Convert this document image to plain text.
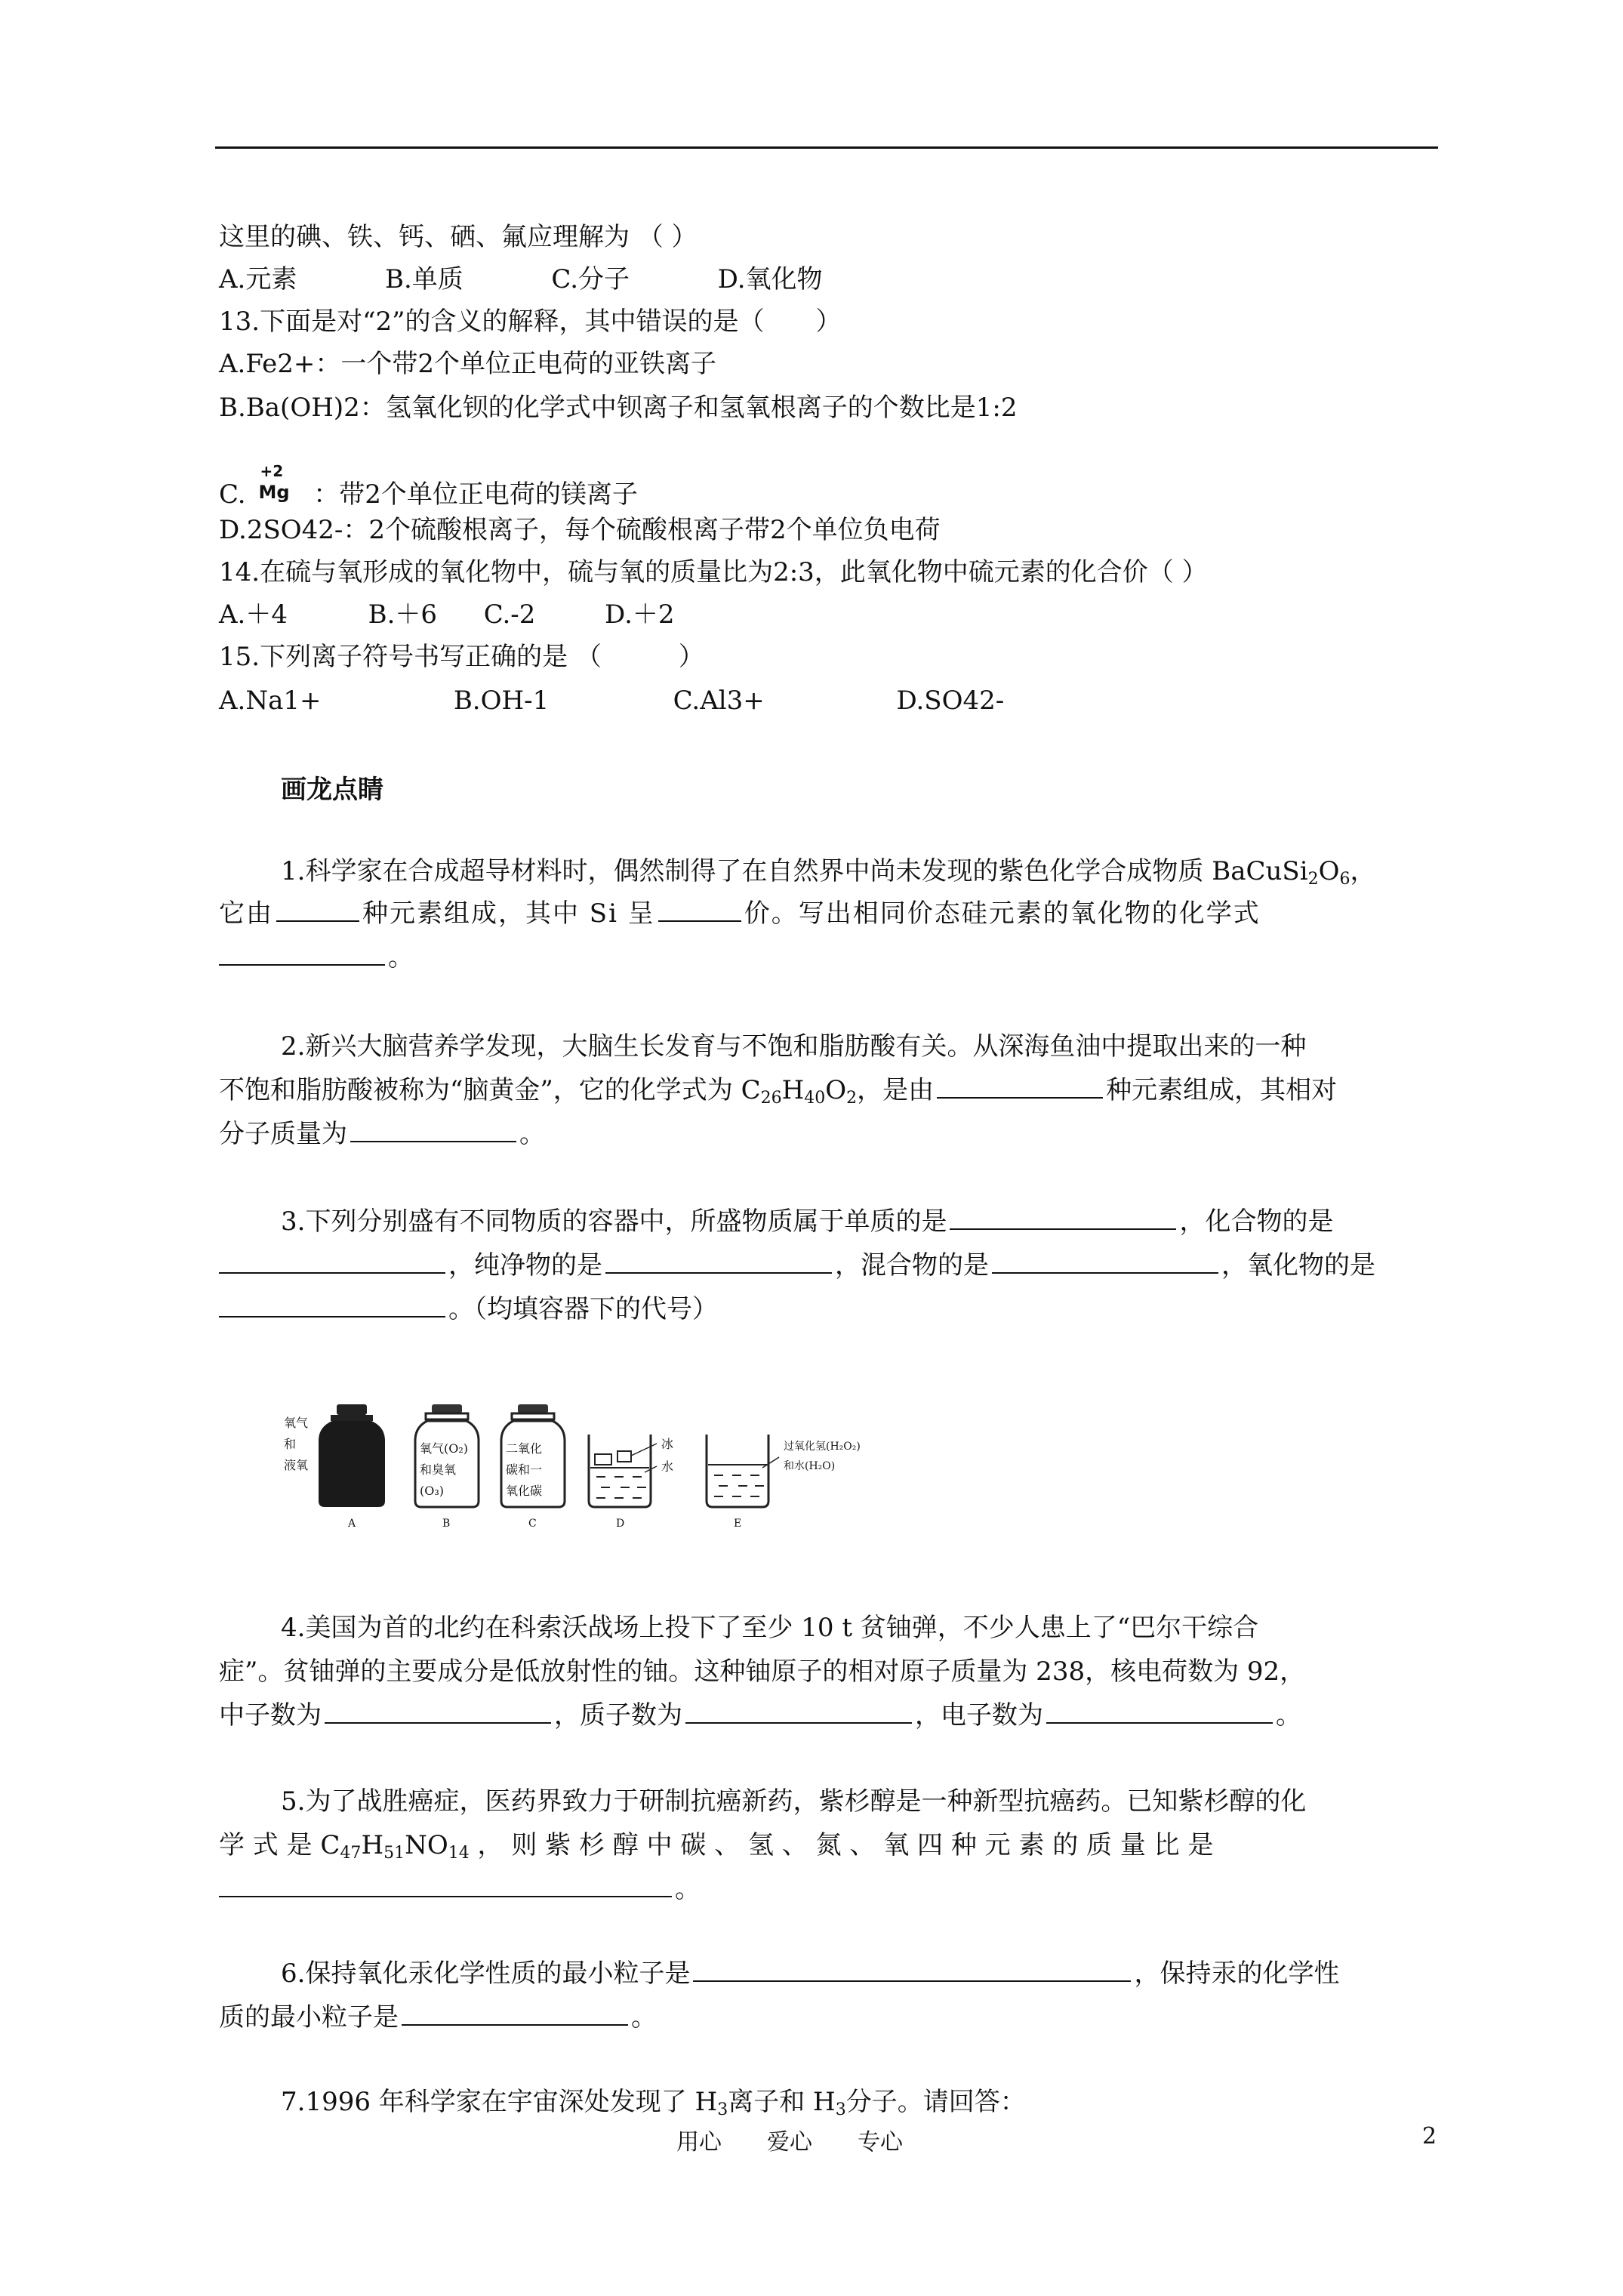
这里的碘、铁、钙、硒、氟应理解为 （ ）
A.元素	B.单质	C.分子	D.氧化物
13.下面是对“2”的含义的解释，其中错误的是（　　）
A.Fe2+：一个带2个单位正电荷的亚铁离子
B.Ba(OH)2：氢氧化钡的化学式中钡离子和氢氧根离子的个数比是1:2
C.
+2
Mg ：带2个单位正电荷的镁离子
D.2SO42-：2个硫酸根离子，每个硫酸根离子带2个单位负电荷
14.在硫与氧形成的氧化物中，硫与氧的质量比为2:3，此氧化物中硫元素的化合价（ ）
A.＋4	B.＋6 C.-2	D.＋2
15.下列离子符号书写正确的是 （　　　）
A.Na1+	B.OH-1	C.Al3+	D.SO42-
画龙点睛
1.科学家在合成超导材料时，偶然制得了在自然界中尚未发现的紫色化学合成物质 $BaCuSi_2O_6$，
它由	种元素组成，其中 Si 呈	价。写出相同价态硅元素的氧化物的化学式
。
2.新兴大脑营养学发现，大脑生长发育与不饱和脂肪酸有关。从深海鱼油中提取出来的一种
不饱和脂肪酸被称为“脑黄金”，它的化学式为 $C_{26}H_{40}O_2$，是由	种元素组成，其相对
分子质量为	。
3.下列分别盛有不同物质的容器中，所盛物质属于单质的是	，化合物的是
，纯净物的是	，混合物的是	，氧化物的是
。（均填容器下的代号）
氧气
和
液氧
A
氧气(O₂)
和臭氧
(O₃)
B
二氧化
碳和一
氧化碳
C
冰
水
D
过氧化氢(H₂O₂)
和水(H₂O)
E
4.美国为首的北约在科索沃战场上投下了至少 10 t 贫铀弹，不少人患上了“巴尔干综合
症”。贫铀弹的主要成分是低放射性的铀。这种铀原子的相对原子质量为 238，核电荷数为 92，
中子数为	，质子数为	，电子数为	。
5.为了战胜癌症，医药界致力于研制抗癌新药，紫杉醇是一种新型抗癌药。已知紫杉醇的化
学 式 是 $C_{47}H_{51}NO_{14}$ ， 则 紫 杉 醇 中 碳 、 氢 、 氮 、 氧 四 种 元 素 的 质 量 比 是
。
6.保持氧化汞化学性质的最小粒子是	，保持汞的化学性
质的最小粒子是	。
7.1996 年科学家在宇宙深处发现了 $H_3$离子和 $H_3$分子。请回答：
用心　　爱心　　专心	2
